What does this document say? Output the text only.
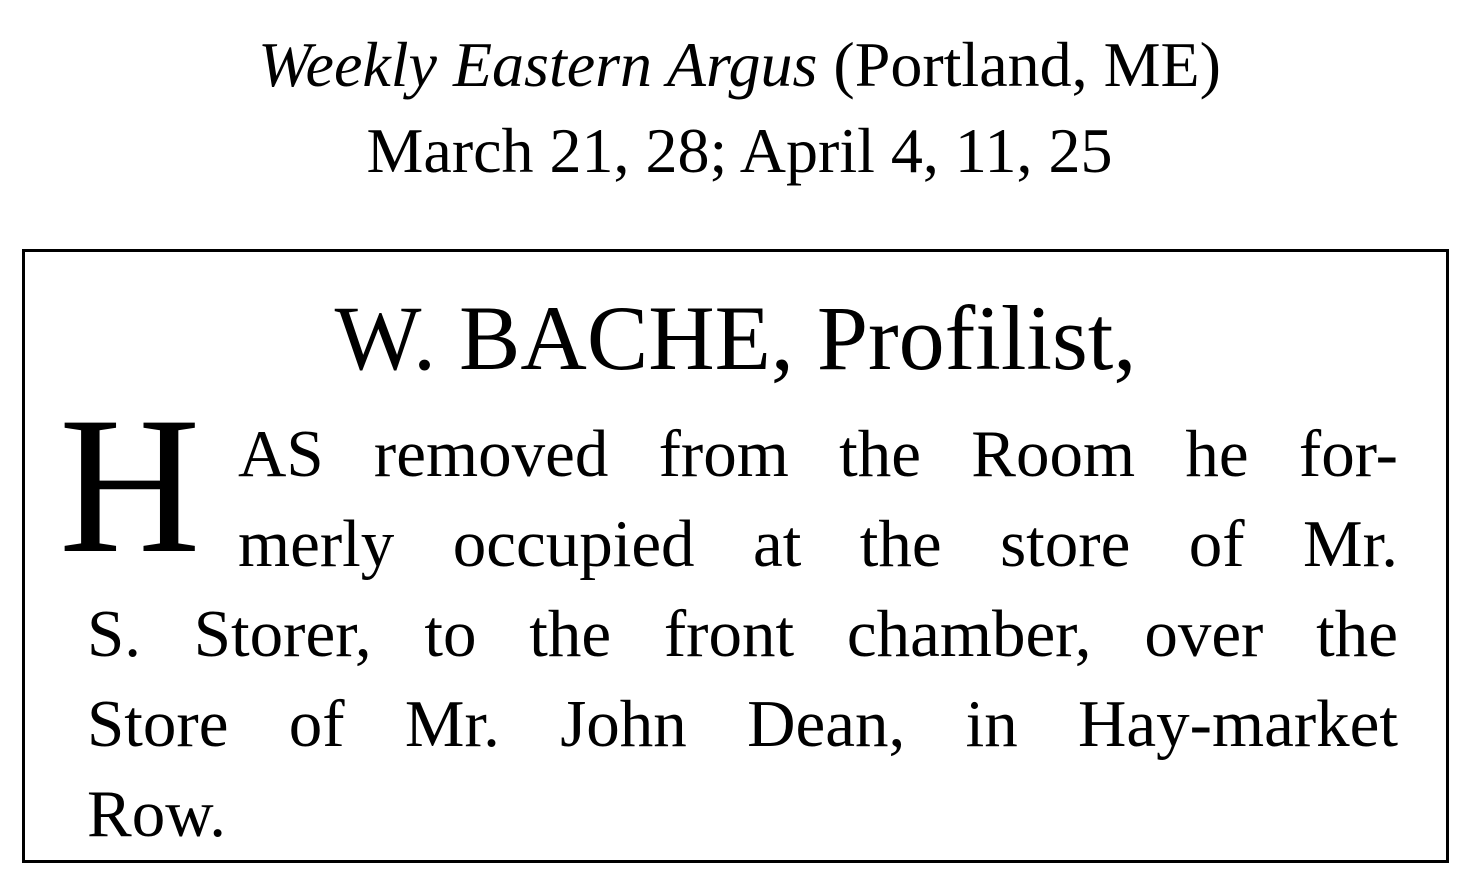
Weekly Eastern Argus (Portland, ME)
March 21, 28; April 4, 11, 25
W. BACHE, Profilist,
H AS removed from the Room he for-
merly occupied at the store of Mr.
S. Storer, to the front chamber, over the
Store of Mr. John Dean, in Hay-market
Row.
